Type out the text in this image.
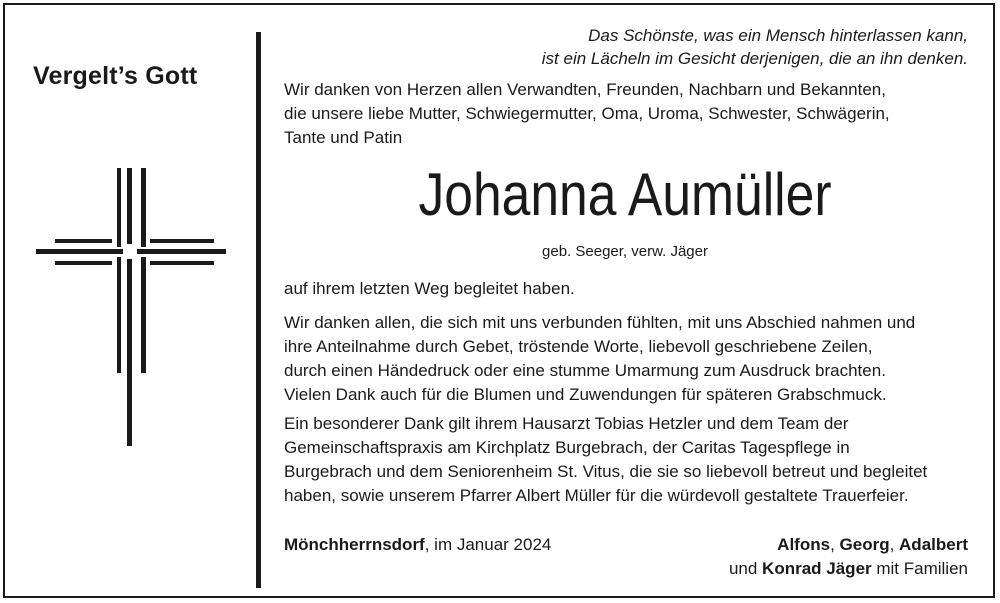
Vergelt’s Gott
Das Schönste, was ein Mensch hinterlassen kann,
ist ein Lächeln im Gesicht derjenigen, die an ihn denken.
Wir danken von Herzen allen Verwandten, Freunden, Nachbarn und Bekannten,
die unsere liebe Mutter, Schwiegermutter, Oma, Uroma, Schwester, Schwägerin,
Tante und Patin
Johanna Aumüller
geb. Seeger, verw. Jäger
auf ihrem letzten Weg begleitet haben.
Wir danken allen, die sich mit uns verbunden fühlten, mit uns Abschied nahmen und
ihre Anteilnahme durch Gebet, tröstende Worte, liebevoll geschriebene Zeilen,
durch einen Händedruck oder eine stumme Umarmung zum Ausdruck brachten.
Vielen Dank auch für die Blumen und Zuwendungen für späteren Grabschmuck.
Ein besonderer Dank gilt ihrem Hausarzt Tobias Hetzler und dem Team der
Gemeinschaftspraxis am Kirchplatz Burgebrach, der Caritas Tagespflege in
Burgebrach und dem Seniorenheim St. Vitus, die sie so liebevoll betreut und begleitet
haben, sowie unserem Pfarrer Albert Müller für die würdevoll gestaltete Trauerfeier.
Mönchherrnsdorf, im Januar 2024	Alfons, Georg, Adalbert
und Konrad Jäger mit Familien
